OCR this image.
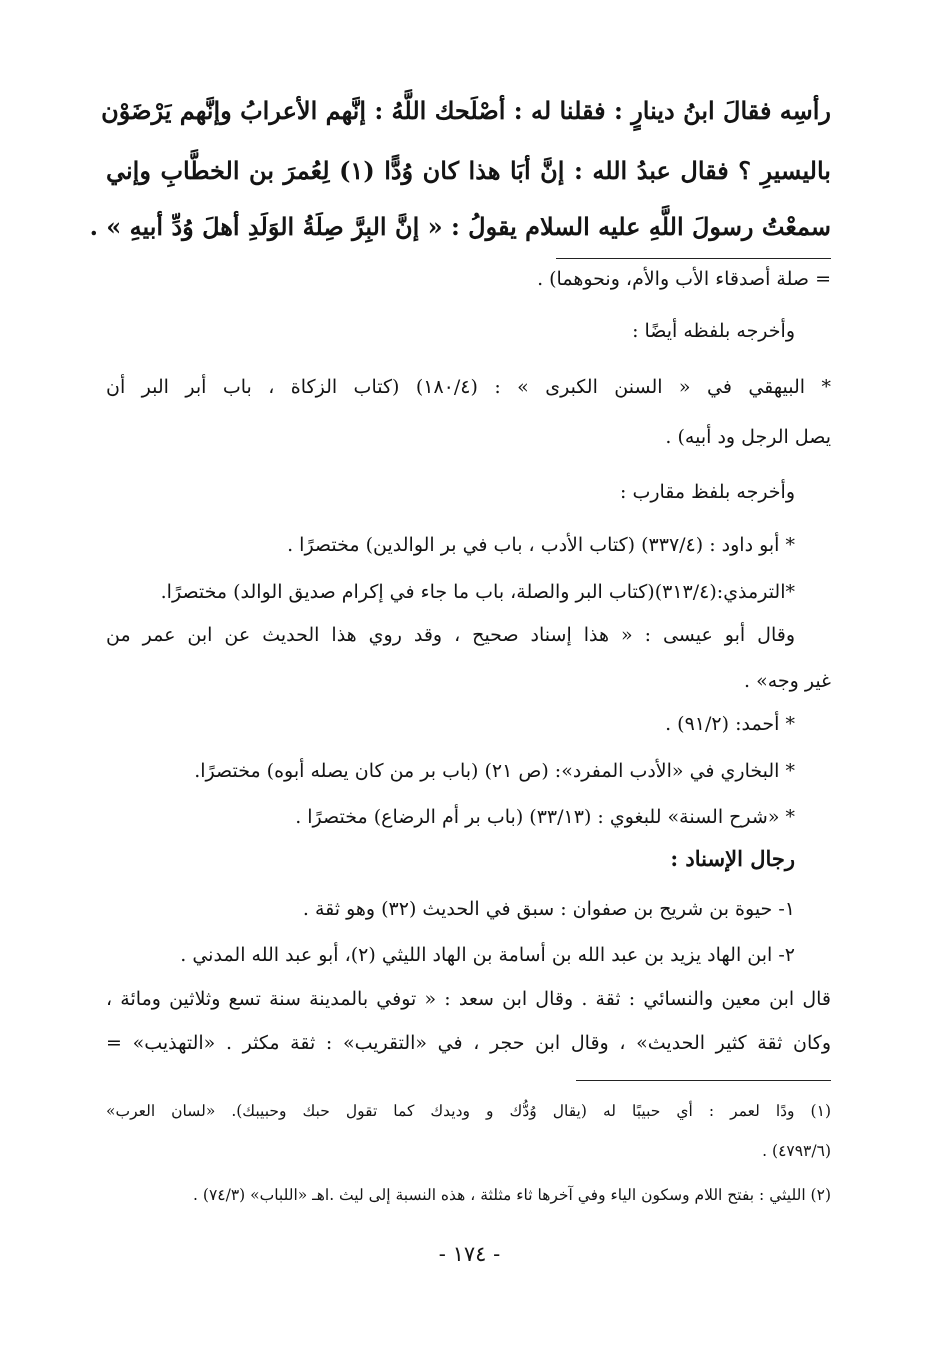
رأسِه فقالَ ابنُ دينارٍ : فقلنا له : أصْلَحك اللَّهُ : إنَّهم الأعرابُ وإنَّهم يَرْضَوْن
باليسيرِ ؟ فقال عبدُ الله : إنَّ أبَا هذا كان وُدًّا (١) لِعُمرَ بن الخطَّابِ وإني
سمعْتُ رسولَ اللَّهِ عليه السلام يقولُ : « إنَّ البِرَّ صِلَةُ الوَلَدِ أهلَ وُدِّ أبيهِ » .
= صلة أصدقاء الأب والأم، ونحوهما) .
وأخرجه بلفظه أيضًا :
* البيهقي في « السنن الكبرى » : (١٨٠/٤) (كتاب الزكاة ، باب أبر البر أن
يصل الرجل ود أبيه) .
وأخرجه بلفظ مقارب :
* أبو داود : (٣٣٧/٤) (كتاب الأدب ، باب في بر الوالدين) مختصرًا .
*الترمذي:(٣١٣/٤)(كتاب البر والصلة، باب ما جاء في إكرام صديق الوالد) مختصرًا.
وقال أبو عيسى : « هذا إسناد صحيح ، وقد روي هذا الحديث عن ابن عمر من
غير وجه» .
* أحمد: (٩١/٢) .
* البخاري في «الأدب المفرد»: (ص ٢١) (باب بر من كان يصله أبوه) مختصرًا.
* «شرح السنة» للبغوي : (٣٣/١٣) (باب بر أم الرضاع) مختصرًا .
رجال الإسناد :
١- حيوة بن شريح بن صفوان : سبق في الحديث (٣٢) وهو ثقة .
٢- ابن الهاد يزيد بن عبد الله بن أسامة بن الهاد الليثي (٢)، أبو عبد الله المدني .
قال ابن معين والنسائي : ثقة . وقال ابن سعد : « توفي بالمدينة سنة تسع وثلاثين ومائة ،
وكان ثقة كثير الحديث» ، وقال ابن حجر ، في «التقريب» : ثقة مكثر . «التهذيب» =
(١) ودًا لعمر : أي حبيبًا له (يقال وُدُّك و وديدك كما تقول حبك وحبيبك). «لسان العرب»
(٤٧٩٣/٦) .
(٢) الليثي : بفتح اللام وسكون الياء وفي آخرها ثاء مثلثة ، هذه النسبة إلى ليث .اهـ «اللباب» (٧٤/٣) .
- ١٧٤ -
